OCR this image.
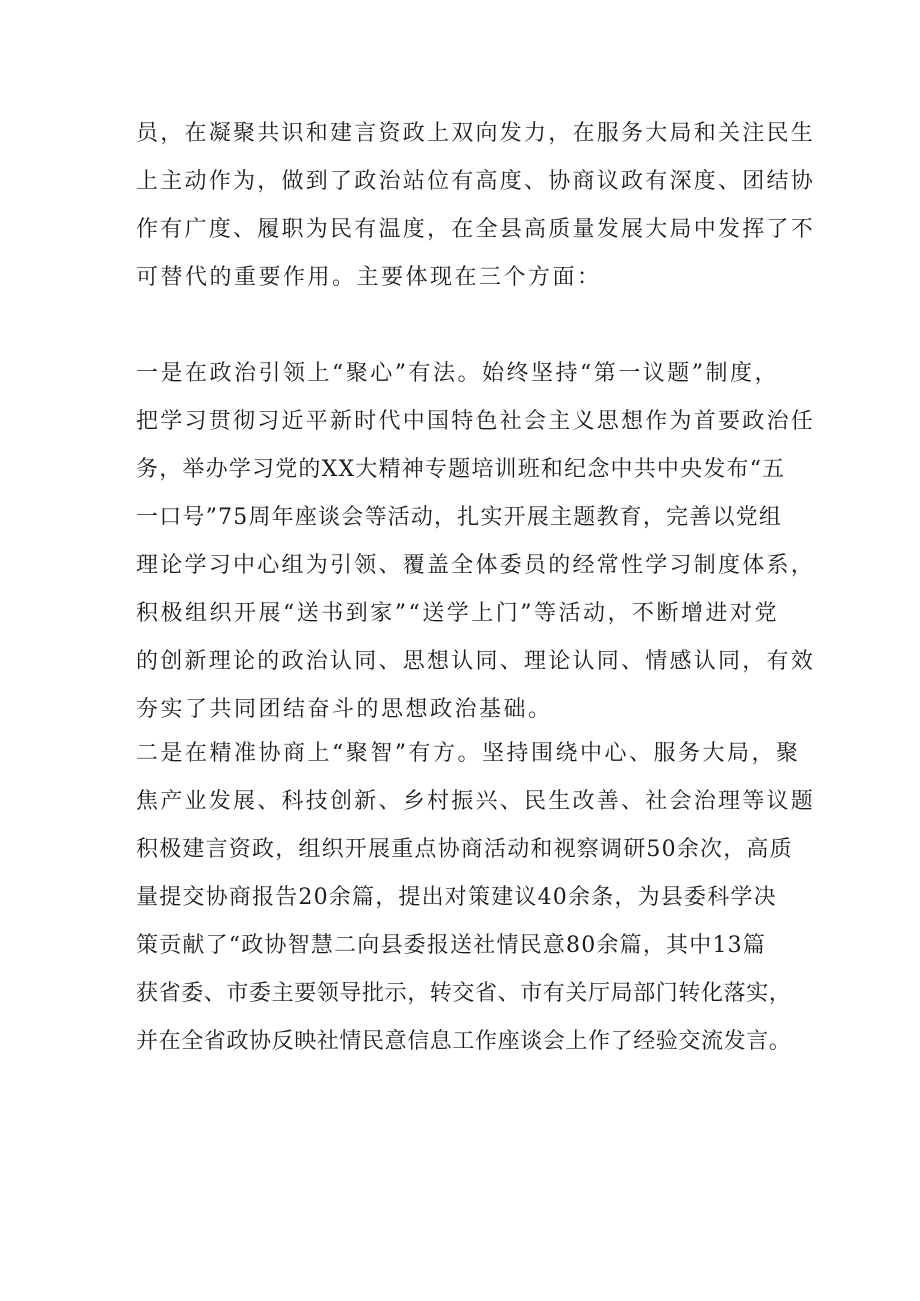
员，在凝聚共识和建言资政上双向发力，在服务大局和关注民生
上主动作为，做到了政治站位有高度、协商议政有深度、团结协
作有广度、履职为民有温度，在全县高质量发展大局中发挥了不
可替代的重要作用。主要体现在三个方面：
一是在政治引领上“聚心”有法。始终坚持“第一议题”制度，
把学习贯彻习近平新时代中国特色社会主义思想作为首要政治任
务，举办学习党的XX大精神专题培训班和纪念中共中央发布“五
一口号”75周年座谈会等活动，扎实开展主题教育，完善以党组
理论学习中心组为引领、覆盖全体委员的经常性学习制度体系，
积极组织开展“送书到家”“送学上门”等活动，不断增进对党
的创新理论的政治认同、思想认同、理论认同、情感认同，有效
夯实了共同团结奋斗的思想政治基础。
二是在精准协商上“聚智”有方。坚持围绕中心、服务大局，聚
焦产业发展、科技创新、乡村振兴、民生改善、社会治理等议题
积极建言资政，组织开展重点协商活动和视察调研50余次，高质
量提交协商报告20余篇，提出对策建议40余条，为县委科学决
策贡献了“政协智慧二向县委报送社情民意80余篇，其中13篇
获省委、市委主要领导批示，转交省、市有关厅局部门转化落实，
并在全省政协反映社情民意信息工作座谈会上作了经验交流发言。
